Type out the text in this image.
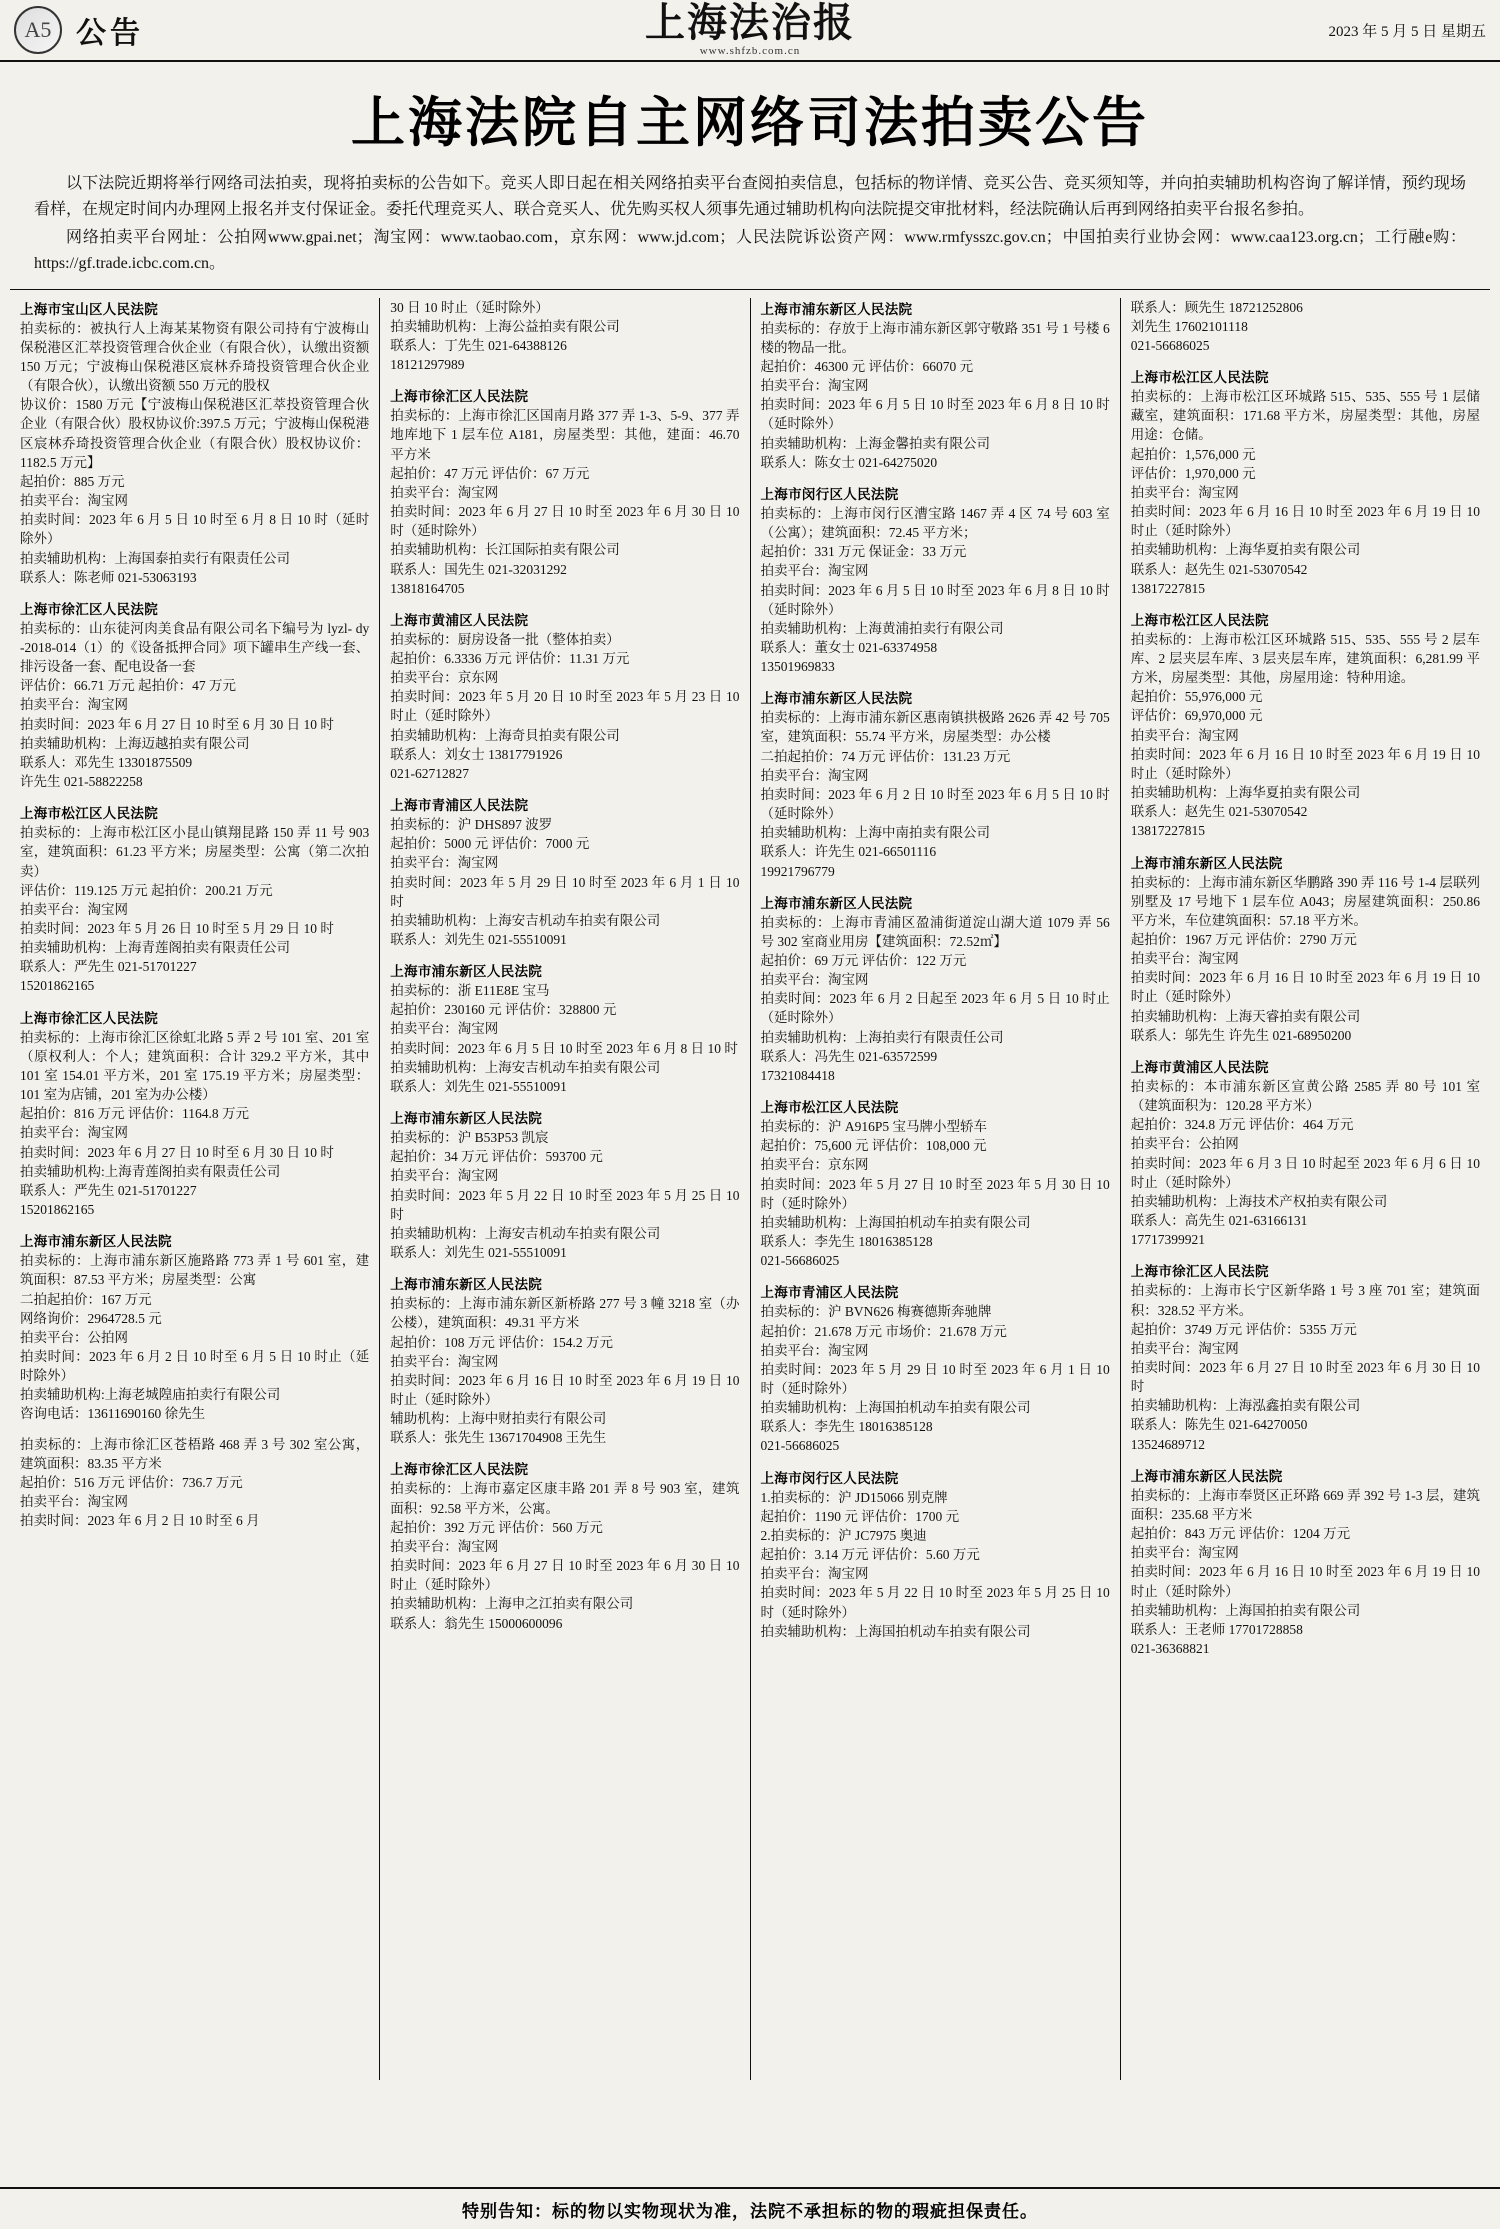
A5 公告	上海法治报
www.shfzb.com.cn
2023 年 5 月 5 日 星期五
上海法院自主网络司法拍卖公告

以下法院近期将举行网络司法拍卖，现将拍卖标的公告如下。竞买人即日起在相关网络拍卖平台查阅拍卖信息，包括标的物详情、竞买公告、竞买须知等，并向拍卖辅助机构咨询了解详情，预约现场看样，在规定时间内办理网上报名并支付保证金。委托代理竞买人、联合竞买人、优先购买权人须事先通过辅助机构向法院提交审批材料，经法院确认后再到网络拍卖平台报名参拍。

网络拍卖平台网址：公拍网www.gpai.net；淘宝网：www.taobao.com，京东网：www.jd.com；人民法院诉讼资产网：www.rmfysszc.gov.cn；中国拍卖行业协会网：www.caa123.org.cn；工行融e购：https://gf.trade.icbc.com.cn。

上海市宝山区人民法院
拍卖标的：被执行人上海某某物资有限公司持有宁波梅山保税港区汇萃投资管理合伙企业（有限合伙），认缴出资额 150 万元；宁波梅山保税港区宸林乔琦投资管理合伙企业（有限合伙），认缴出资额 550 万元的股权
协议价：1580 万元【宁波梅山保税港区汇萃投资管理合伙企业（有限合伙）股权协议价:397.5 万元；宁波梅山保税港区宸林乔琦投资管理合伙企业（有限合伙）股权协议价：1182.5 万元】
起拍价：885 万元
拍卖平台：淘宝网
拍卖时间：2023 年 6 月 5 日 10 时至 6 月 8 日 10 时（延时除外）
拍卖辅助机构：上海国泰拍卖行有限责任公司
联系人：陈老师 021-53063193
上海市徐汇区人民法院
拍卖标的：山东徒河肉美食品有限公司名下编号为 lyzl- dy -2018-014（1）的《设备抵押合同》项下罐串生产线一套、排污设备一套、配电设备一套
评估价：66.71 万元 起拍价：47 万元
拍卖平台：淘宝网
拍卖时间：2023 年 6 月 27 日 10 时至 6 月 30 日 10 时
拍卖辅助机构：上海迈越拍卖有限公司
联系人：邓先生 13301875509
许先生 021-58822258
上海市松江区人民法院
拍卖标的：上海市松江区小昆山镇翔昆路 150 弄 11 号 903 室，建筑面积：61.23 平方米；房屋类型：公寓（第二次拍卖）
评估价：119.125 万元 起拍价：200.21 万元
拍卖平台：淘宝网
拍卖时间：2023 年 5 月 26 日 10 时至 5 月 29 日 10 时
拍卖辅助机构：上海青莲阁拍卖有限责任公司
联系人：严先生 021-51701227
15201862165
上海市徐汇区人民法院
拍卖标的：上海市徐汇区徐虹北路 5 弄 2 号 101 室、201 室（原权利人：个人；建筑面积：合计 329.2 平方米，其中 101 室 154.01 平方米，201 室 175.19 平方米；房屋类型：101 室为店铺，201 室为办公楼）
起拍价：816 万元 评估价：1164.8 万元
拍卖平台：淘宝网
拍卖时间：2023 年 6 月 27 日 10 时至 6 月 30 日 10 时
拍卖辅助机构:上海青莲阁拍卖有限责任公司
联系人：严先生 021-51701227
15201862165
上海市浦东新区人民法院
拍卖标的：上海市浦东新区施路路 773 弄 1 号 601 室，建筑面积：87.53 平方米；房屋类型：公寓
二拍起拍价：167 万元
网络询价：2964728.5 元
拍卖平台：公拍网
拍卖时间：2023 年 6 月 2 日 10 时至 6 月 5 日 10 时止（延时除外）
拍卖辅助机构:上海老城隍庙拍卖行有限公司
咨询电话：13611690160 徐先生
拍卖标的：上海市徐汇区苍梧路 468 弄 3 号 302 室公寓，建筑面积：83.35 平方米
起拍价：516 万元 评估价：736.7 万元
拍卖平台：淘宝网
拍卖时间：2023 年 6 月 2 日 10 时至 6 月
30 日 10 时止（延时除外）
拍卖辅助机构：上海公益拍卖有限公司
联系人：丁先生 021-64388126
18121297989
上海市徐汇区人民法院
拍卖标的：上海市徐汇区国南月路 377 弄 1-3、5-9、377 弄地库地下 1 层车位 A181，房屋类型：其他，建面：46.70 平方米
起拍价：47 万元 评估价：67 万元
拍卖平台：淘宝网
拍卖时间：2023 年 6 月 27 日 10 时至 2023 年 6 月 30 日 10 时（延时除外）
拍卖辅助机构：长江国际拍卖有限公司
联系人：国先生 021-32031292
13818164705
上海市黄浦区人民法院
拍卖标的：厨房设备一批（整体拍卖）
起拍价：6.3336 万元 评估价：11.31 万元
拍卖平台：京东网
拍卖时间：2023 年 5 月 20 日 10 时至 2023 年 5 月 23 日 10 时止（延时除外）
拍卖辅助机构：上海奇貝拍卖有限公司
联系人：刘女士 13817791926
021-62712827
上海市青浦区人民法院
拍卖标的：沪 DHS897 波罗
起拍价：5000 元 评估价：7000 元
拍卖平台：淘宝网
拍卖时间：2023 年 5 月 29 日 10 时至 2023 年 6 月 1 日 10 时
拍卖辅助机构：上海安吉机动车拍卖有限公司
联系人：刘先生 021-55510091
上海市浦东新区人民法院
拍卖标的：浙 E11E8E 宝马
起拍价：230160 元 评估价：328800 元
拍卖平台：淘宝网
拍卖时间：2023 年 6 月 5 日 10 时至 2023 年 6 月 8 日 10 时
拍卖辅助机构：上海安吉机动车拍卖有限公司
联系人：刘先生 021-55510091
上海市浦东新区人民法院
拍卖标的：沪 B53P53 凯宸
起拍价：34 万元 评估价：593700 元
拍卖平台：淘宝网
拍卖时间：2023 年 5 月 22 日 10 时至 2023 年 5 月 25 日 10 时
拍卖辅助机构：上海安吉机动车拍卖有限公司
联系人：刘先生 021-55510091
上海市浦东新区人民法院
拍卖标的：上海市浦东新区新桥路 277 号 3 幢 3218 室（办公楼），建筑面积：49.31 平方米
起拍价：108 万元 评估价：154.2 万元
拍卖平台：淘宝网
拍卖时间：2023 年 6 月 16 日 10 时至 2023 年 6 月 19 日 10 时止（延时除外）
辅助机构：上海中财拍卖行有限公司
联系人：张先生 13671704908 王先生
上海市徐汇区人民法院
拍卖标的：上海市嘉定区康丰路 201 弄 8 号 903 室，建筑面积：92.58 平方米，公寓。
起拍价：392 万元 评估价：560 万元
拍卖平台：淘宝网
拍卖时间：2023 年 6 月 27 日 10 时至 2023 年 6 月 30 日 10 时止（延时除外）
拍卖辅助机构：上海申之江拍卖有限公司
联系人：翁先生 15000600096
上海市浦东新区人民法院
拍卖标的：存放于上海市浦东新区郭守敬路 351 号 1 号楼 6 楼的物品一批。
起拍价：46300 元 评估价：66070 元
拍卖平台：淘宝网
拍卖时间：2023 年 6 月 5 日 10 时至 2023 年 6 月 8 日 10 时（延时除外）
拍卖辅助机构：上海金馨拍卖有限公司
联系人：陈女士 021-64275020
上海市闵行区人民法院
拍卖标的：上海市闵行区漕宝路 1467 弄 4 区 74 号 603 室（公寓）；建筑面积：72.45 平方米；
起拍价：331 万元 保证金：33 万元
拍卖平台：淘宝网
拍卖时间：2023 年 6 月 5 日 10 时至 2023 年 6 月 8 日 10 时（延时除外）
拍卖辅助机构：上海黄浦拍卖行有限公司
联系人：董女士 021-63374958
13501969833
上海市浦东新区人民法院
拍卖标的：上海市浦东新区惠南镇拱极路 2626 弄 42 号 705 室，建筑面积：55.74 平方米，房屋类型：办公楼
二拍起拍价：74 万元 评估价：131.23 万元
拍卖平台：淘宝网
拍卖时间：2023 年 6 月 2 日 10 时至 2023 年 6 月 5 日 10 时（延时除外）
拍卖辅助机构：上海中南拍卖有限公司
联系人：许先生 021-66501116
19921796779
上海市浦东新区人民法院
拍卖标的：上海市青浦区盈浦街道淀山湖大道 1079 弄 56 号 302 室商业用房【建筑面积：72.52㎡】
起拍价：69 万元 评估价：122 万元
拍卖平台：淘宝网
拍卖时间：2023 年 6 月 2 日起至 2023 年 6 月 5 日 10 时止（延时除外）
拍卖辅助机构：上海拍卖行有限责任公司
联系人：冯先生 021-63572599
17321084418
上海市松江区人民法院
拍卖标的：沪 A916P5 宝马牌小型轿车
起拍价：75,600 元 评估价：108,000 元
拍卖平台：京东网
拍卖时间：2023 年 5 月 27 日 10 时至 2023 年 5 月 30 日 10 时（延时除外）
拍卖辅助机构：上海国拍机动车拍卖有限公司
联系人：李先生 18016385128
021-56686025
上海市青浦区人民法院
拍卖标的：沪 BVN626 梅赛德斯奔驰牌
起拍价：21.678 万元 市场价：21.678 万元
拍卖平台：淘宝网
拍卖时间：2023 年 5 月 29 日 10 时至 2023 年 6 月 1 日 10 时（延时除外）
拍卖辅助机构：上海国拍机动车拍卖有限公司
联系人：李先生 18016385128
021-56686025
上海市闵行区人民法院
1.拍卖标的：沪 JD15066 别克牌
起拍价：1190 元 评估价：1700 元
2.拍卖标的：沪 JC7975 奥迪
起拍价：3.14 万元 评估价：5.60 万元
拍卖平台：淘宝网
拍卖时间：2023 年 5 月 22 日 10 时至 2023 年 5 月 25 日 10 时（延时除外）
拍卖辅助机构：上海国拍机动车拍卖有限公司
联系人：顾先生 18721252806
刘先生 17602101118
021-56686025
上海市松江区人民法院
拍卖标的：上海市松江区环城路 515、535、555 号 1 层储藏室，建筑面积：171.68 平方米，房屋类型：其他，房屋用途：仓储。
起拍价：1,576,000 元
评估价：1,970,000 元
拍卖平台：淘宝网
拍卖时间：2023 年 6 月 16 日 10 时至 2023 年 6 月 19 日 10 时止（延时除外）
拍卖辅助机构：上海华夏拍卖有限公司
联系人：赵先生 021-53070542
13817227815
上海市松江区人民法院
拍卖标的：上海市松江区环城路 515、535、555 号 2 层车库、2 层夹层车库、3 层夹层车库，建筑面积：6,281.99 平方米，房屋类型：其他，房屋用途：特种用途。
起拍价：55,976,000 元
评估价：69,970,000 元
拍卖平台：淘宝网
拍卖时间：2023 年 6 月 16 日 10 时至 2023 年 6 月 19 日 10 时止（延时除外）
拍卖辅助机构：上海华夏拍卖有限公司
联系人：赵先生 021-53070542
13817227815
上海市浦东新区人民法院
拍卖标的：上海市浦东新区华鹏路 390 弄 116 号 1-4 层联列别墅及 17 号地下 1 层车位 A043；房屋建筑面积：250.86 平方米，车位建筑面积：57.18 平方米。
起拍价：1967 万元 评估价：2790 万元
拍卖平台：淘宝网
拍卖时间：2023 年 6 月 16 日 10 时至 2023 年 6 月 19 日 10 时止（延时除外）
拍卖辅助机构：上海天睿拍卖有限公司
联系人：邬先生 许先生 021-68950200
上海市黄浦区人民法院
拍卖标的：本市浦东新区宣黄公路 2585 弄 80 号 101 室（建筑面积为：120.28 平方米）
起拍价：324.8 万元 评估价：464 万元
拍卖平台：公拍网
拍卖时间：2023 年 6 月 3 日 10 时起至 2023 年 6 月 6 日 10 时止（延时除外）
拍卖辅助机构：上海技术产权拍卖有限公司
联系人：高先生 021-63166131
17717399921
上海市徐汇区人民法院
拍卖标的：上海市长宁区新华路 1 号 3 座 701 室；建筑面积：328.52 平方米。
起拍价：3749 万元 评估价：5355 万元
拍卖平台：淘宝网
拍卖时间：2023 年 6 月 27 日 10 时至 2023 年 6 月 30 日 10 时
拍卖辅助机构：上海泓鑫拍卖有限公司
联系人：陈先生 021-64270050
13524689712
上海市浦东新区人民法院
拍卖标的：上海市奉贤区正环路 669 弄 392 号 1-3 层，建筑面积：235.68 平方米
起拍价：843 万元 评估价：1204 万元
拍卖平台：淘宝网
拍卖时间：2023 年 6 月 16 日 10 时至 2023 年 6 月 19 日 10 时止（延时除外）
拍卖辅助机构：上海国拍拍卖有限公司
联系人：王老师 17701728858
021-36368821
特别告知：标的物以实物现状为准，法院不承担标的物的瑕疵担保责任。
